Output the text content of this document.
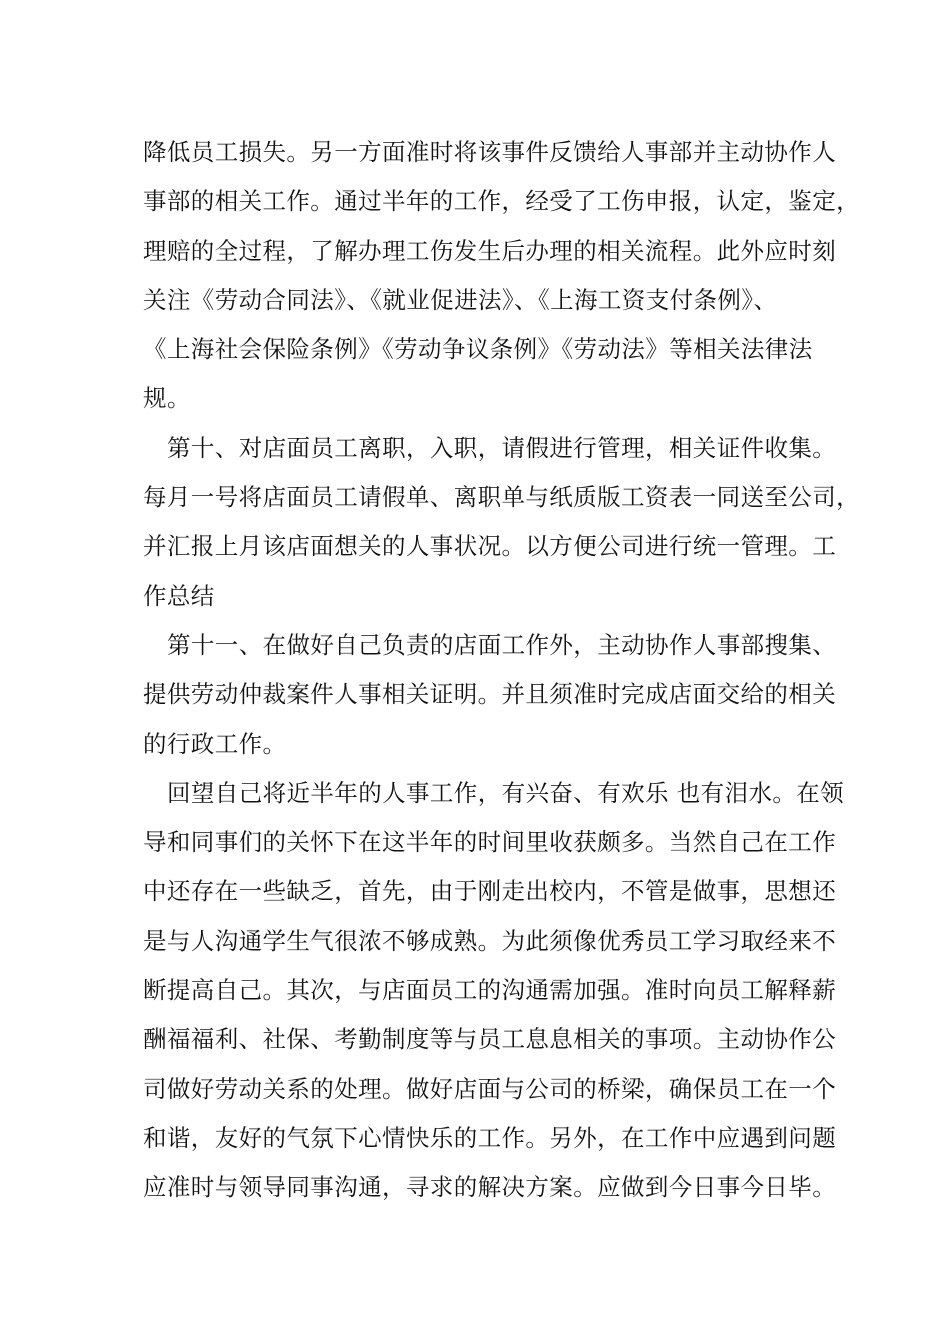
降低员工损失。另一方面准时将该事件反馈给人事部并主动协作人
事部的相关工作。通过半年的工作，经受了工伤申报，认定，鉴定，
理赔的全过程，了解办理工伤发生后办理的相关流程。此外应时刻
关注《劳动合同法》、《就业促进法》、《上海工资支付条例》、
《上海社会保险条例》《劳动争议条例》《劳动法》等相关法律法
规。
第十、对店面员工离职，入职，请假进行管理，相关证件收集。
每月一号将店面员工请假单、离职单与纸质版工资表一同送至公司，
并汇报上月该店面想关的人事状况。以方便公司进行统一管理。工
作总结
第十一、在做好自己负责的店面工作外，主动协作人事部搜集、
提供劳动仲裁案件人事相关证明。并且须准时完成店面交给的相关
的行政工作。
回望自己将近半年的人事工作，有兴奋、有欢乐 也有泪水。在领
导和同事们的关怀下在这半年的时间里收获颇多。当然自己在工作
中还存在一些缺乏，首先，由于刚走出校内，不管是做事，思想还
是与人沟通学生气很浓不够成熟。为此须像优秀员工学习取经来不
断提高自己。其次，与店面员工的沟通需加强。准时向员工解释薪
酬福福利、社保、考勤制度等与员工息息相关的事项。主动协作公
司做好劳动关系的处理。做好店面与公司的桥梁，确保员工在一个
和谐，友好的气氛下心情快乐的工作。另外，在工作中应遇到问题
应准时与领导同事沟通，寻求的解决方案。应做到今日事今日毕。
